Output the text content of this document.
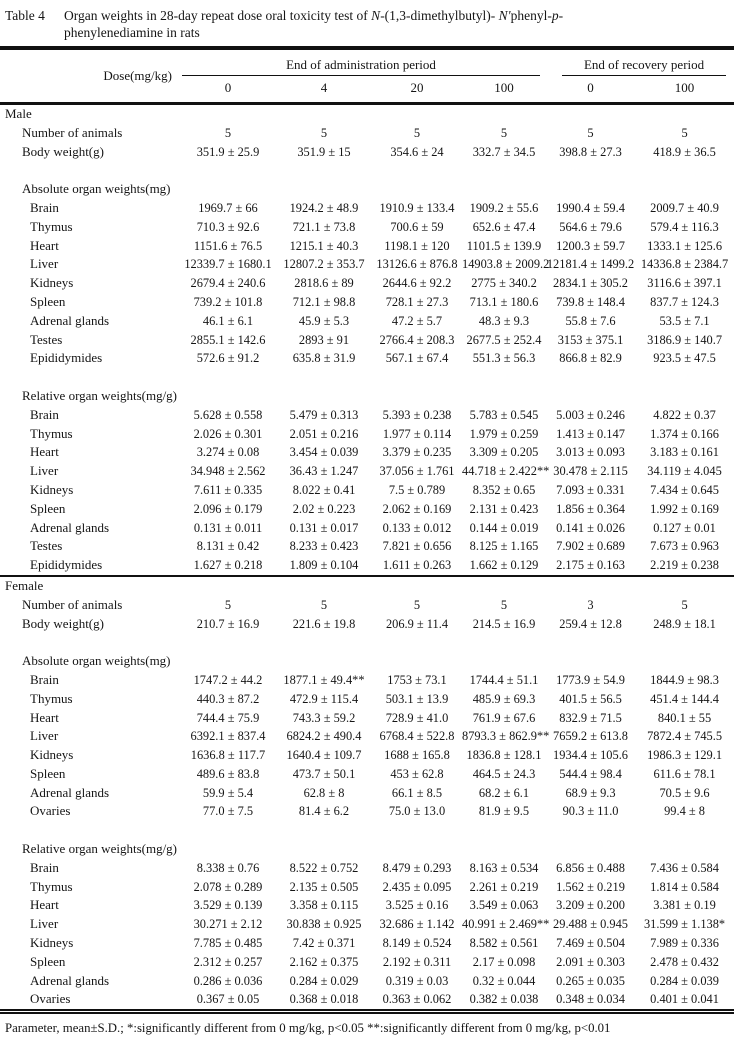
Table 4	Organ weights in 28-day repeat dose oral toxicity test of N-(1,3-dimethylbutyl)- N'phenyl-p-
phenylenediamine in rats
Dose(mg/kg)	End of administration period				End of recovery period	

	0	4	20	100	0	100
Male						
Number of animals	5	5	5	5	5	5
Body weight(g)	351.9 ± 25.9	351.9 ± 15	354.6 ± 24	332.7 ± 34.5	398.8 ± 27.3	418.9 ± 36.5

Absolute organ weights(mg)						
Brain	1969.7 ± 66	1924.2 ± 48.9	1910.9 ± 133.4	1909.2 ± 55.6	1990.4 ± 59.4	2009.7 ± 40.9
Thymus	710.3 ± 92.6	721.1 ± 73.8	700.6 ± 59	652.6 ± 47.4	564.6 ± 79.6	579.4 ± 116.3
Heart	1151.6 ± 76.5	1215.1 ± 40.3	1198.1 ± 120	1101.5 ± 139.9	1200.3 ± 59.7	1333.1 ± 125.6
Liver	12339.7 ± 1680.1	12807.2 ± 353.7	13126.6 ± 876.8	14903.8 ± 2009.2	12181.4 ± 1499.2	14336.8 ± 2384.7
Kidneys	2679.4 ± 240.6	2818.6 ± 89	2644.6 ± 92.2	2775 ± 340.2	2834.1 ± 305.2	3116.6 ± 397.1
Spleen	739.2 ± 101.8	712.1 ± 98.8	728.1 ± 27.3	713.1 ± 180.6	739.8 ± 148.4	837.7 ± 124.3
Adrenal glands	46.1 ± 6.1	45.9 ± 5.3	47.2 ± 5.7	48.3 ± 9.3	55.8 ± 7.6	53.5 ± 7.1
Testes	2855.1 ± 142.6	2893 ± 91	2766.4 ± 208.3	2677.5 ± 252.4	3153 ± 375.1	3186.9 ± 140.7
Epididymides	572.6 ± 91.2	635.8 ± 31.9	567.1 ± 67.4	551.3 ± 56.3	866.8 ± 82.9	923.5 ± 47.5

Relative organ weights(mg/g)						
Brain	5.628 ± 0.558	5.479 ± 0.313	5.393 ± 0.238	5.783 ± 0.545	5.003 ± 0.246	4.822 ± 0.37
Thymus	2.026 ± 0.301	2.051 ± 0.216	1.977 ± 0.114	1.979 ± 0.259	1.413 ± 0.147	1.374 ± 0.166
Heart	3.274 ± 0.08	3.454 ± 0.039	3.379 ± 0.235	3.309 ± 0.205	3.013 ± 0.093	3.183 ± 0.161
Liver	34.948 ± 2.562	36.43 ± 1.247	37.056 ± 1.761	44.718 ± 2.422**	30.478 ± 2.115	34.119 ± 4.045
Kidneys	7.611 ± 0.335	8.022 ± 0.41	7.5 ± 0.789	8.352 ± 0.65	7.093 ± 0.331	7.434 ± 0.645
Spleen	2.096 ± 0.179	2.02 ± 0.223	2.062 ± 0.169	2.131 ± 0.423	1.856 ± 0.364	1.992 ± 0.169
Adrenal glands	0.131 ± 0.011	0.131 ± 0.017	0.133 ± 0.012	0.144 ± 0.019	0.141 ± 0.026	0.127 ± 0.01
Testes	8.131 ± 0.42	8.233 ± 0.423	7.821 ± 0.656	8.125 ± 1.165	7.902 ± 0.689	7.673 ± 0.963
Epididymides	1.627 ± 0.218	1.809 ± 0.104	1.611 ± 0.263	1.662 ± 0.129	2.175 ± 0.163	2.219 ± 0.238
Female						
Number of animals	5	5	5	5	3	5
Body weight(g)	210.7 ± 16.9	221.6 ± 19.8	206.9 ± 11.4	214.5 ± 16.9	259.4 ± 12.8	248.9 ± 18.1

Absolute organ weights(mg)						
Brain	1747.2 ± 44.2	1877.1 ± 49.4**	1753 ± 73.1	1744.4 ± 51.1	1773.9 ± 54.9	1844.9 ± 98.3
Thymus	440.3 ± 87.2	472.9 ± 115.4	503.1 ± 13.9	485.9 ± 69.3	401.5 ± 56.5	451.4 ± 144.4
Heart	744.4 ± 75.9	743.3 ± 59.2	728.9 ± 41.0	761.9 ± 67.6	832.9 ± 71.5	840.1 ± 55
Liver	6392.1 ± 837.4	6824.2 ± 490.4	6768.4 ± 522.8	8793.3 ± 862.9**	7659.2 ± 613.8	7872.4 ± 745.5
Kidneys	1636.8 ± 117.7	1640.4 ± 109.7	1688 ± 165.8	1836.8 ± 128.1	1934.4 ± 105.6	1986.3 ± 129.1
Spleen	489.6 ± 83.8	473.7 ± 50.1	453 ± 62.8	464.5 ± 24.3	544.4 ± 98.4	611.6 ± 78.1
Adrenal glands	59.9 ± 5.4	62.8 ± 8	66.1 ± 8.5	68.2 ± 6.1	68.9 ± 9.3	70.5 ± 9.6
Ovaries	77.0 ± 7.5	81.4 ± 6.2	75.0 ± 13.0	81.9 ± 9.5	90.3 ± 11.0	99.4 ± 8

Relative organ weights(mg/g)						
Brain	8.338 ± 0.76	8.522 ± 0.752	8.479 ± 0.293	8.163 ± 0.534	6.856 ± 0.488	7.436 ± 0.584
Thymus	2.078 ± 0.289	2.135 ± 0.505	2.435 ± 0.095	2.261 ± 0.219	1.562 ± 0.219	1.814 ± 0.584
Heart	3.529 ± 0.139	3.358 ± 0.115	3.525 ± 0.16	3.549 ± 0.063	3.209 ± 0.200	3.381 ± 0.19
Liver	30.271 ± 2.12	30.838 ± 0.925	32.686 ± 1.142	40.991 ± 2.469**	29.488 ± 0.945	31.599 ± 1.138*
Kidneys	7.785 ± 0.485	7.42 ± 0.371	8.149 ± 0.524	8.582 ± 0.561	7.469 ± 0.504	7.989 ± 0.336
Spleen	2.312 ± 0.257	2.162 ± 0.375	2.192 ± 0.311	2.17 ± 0.098	2.091 ± 0.303	2.478 ± 0.432
Adrenal glands	0.286 ± 0.036	0.284 ± 0.029	0.319 ± 0.03	0.32 ± 0.044	0.265 ± 0.035	0.284 ± 0.039
Ovaries	0.367 ± 0.05	0.368 ± 0.018	0.363 ± 0.062	0.382 ± 0.038	0.348 ± 0.034	0.401 ± 0.041
Parameter, mean±S.D.; *:significantly different from 0 mg/kg, p<0.05 **:significantly different from 0 mg/kg, p<0.01
